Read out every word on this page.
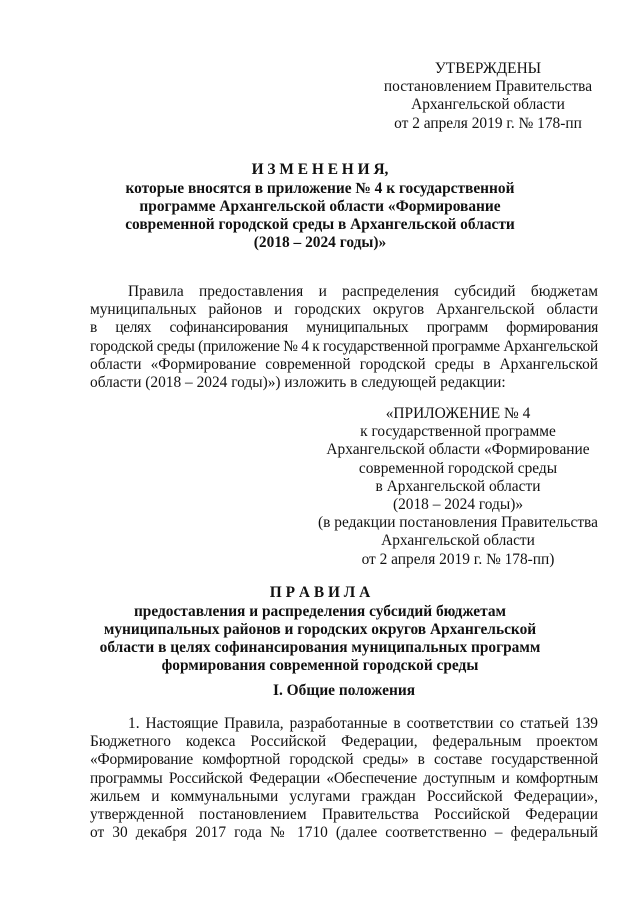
УТВЕРЖДЕНЫ
постановлением Правительства
Архангельской области
от 2 апреля 2019 г. № 178-пп
И З М Е Н Е Н И Я,
которые вносятся в приложение № 4 к государственной
программе Архангельской области «Формирование
современной городской среды в Архангельской области
(2018 – 2024 годы)»
Правила предоставления и распределения субсидий бюджетам
муниципальных районов и городских округов Архангельской области
в целях софинансирования муниципальных программ формирования
городской среды (приложение № 4 к государственной программе Архангельской
области «Формирование современной городской среды в Архангельской
области (2018 – 2024 годы)») изложить в следующей редакции:
«ПРИЛОЖЕНИЕ № 4
к государственной программе
Архангельской области «Формирование
современной городской среды
в Архангельской области
(2018 – 2024 годы)»
(в редакции постановления Правительства
Архангельской области
от 2 апреля 2019 г. № 178-пп)
П Р А В И Л А
предоставления и распределения субсидий бюджетам
муниципальных районов и городских округов Архангельской
области в целях софинансирования муниципальных программ
формирования современной городской среды
I. Общие положения
1. Настоящие Правила, разработанные в соответствии со статьей 139
Бюджетного кодекса Российской Федерации, федеральным проектом
«Формирование комфортной городской среды» в составе государственной
программы Российской Федерации «Обеспечение доступным и комфортным
жильем и коммунальными услугами граждан Российской Федерации»,
утвержденной постановлением Правительства Российской Федерации
от 30 декабря 2017 года № 1710 (далее соответственно – федеральный
